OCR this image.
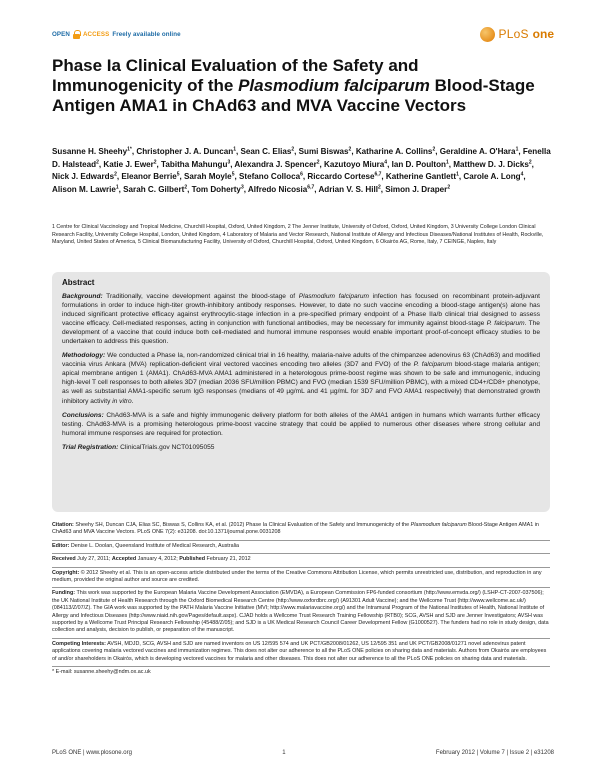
OPEN ACCESS Freely available online	PLoS one
Phase Ia Clinical Evaluation of the Safety and Immunogenicity of the Plasmodium falciparum Blood-Stage Antigen AMA1 in ChAd63 and MVA Vaccine Vectors
Susanne H. Sheehy$^{1*}$, Christopher J. A. Duncan$^1$, Sean C. Elias$^2$, Sumi Biswas$^2$, Katharine A. Collins$^2$, Geraldine A. O'Hara$^1$, Fenella D. Halstead$^2$, Katie J. Ewer$^2$, Tabitha Mahungu$^3$, Alexandra J. Spencer$^2$, Kazutoyo Miura$^4$, Ian D. Poulton$^1$, Matthew D. J. Dicks$^2$, Nick J. Edwards$^2$, Eleanor Berrie$^5$, Sarah Moyle$^5$, Stefano Colloca$^6$, Riccardo Cortese$^{6,7}$, Katherine Gantlett$^1$, Carole A. Long$^4$, Alison M. Lawrie$^1$, Sarah C. Gilbert$^2$, Tom Doherty$^3$, Alfredo Nicosia$^{6,7}$, Adrian V. S. Hill$^2$, Simon J. Draper$^2$
1 Centre for Clinical Vaccinology and Tropical Medicine, Churchill Hospital, Oxford, United Kingdom, 2 The Jenner Institute, University of Oxford, Oxford, United Kingdom, 3 University College London Clinical Research Facility, University College Hospital, London, United Kingdom, 4 Laboratory of Malaria and Vector Research, National Institute of Allergy and Infectious Diseases/National Institutes of Health, Rockville, Maryland, United States of America, 5 Clinical Biomanufacturing Facility, University of Oxford, Churchill Hospital, Oxford, United Kingdom, 6 Okairòs AG, Rome, Italy, 7 CEINGE, Naples, Italy
Abstract

Background: Traditionally, vaccine development against the blood-stage of Plasmodium falciparum infection has focused on recombinant protein-adjuvant formulations in order to induce high-titer growth-inhibitory antibody responses. However, to date no such vaccine encoding a blood-stage antigen(s) alone has induced significant protective efficacy against erythrocytic-stage infection in a pre-specified primary endpoint of a Phase IIa/b clinical trial designed to assess vaccine efficacy. Cell-mediated responses, acting in conjunction with functional antibodies, may be necessary for immunity against blood-stage P. falciparum. The development of a vaccine that could induce both cell-mediated and humoral immune responses would enable important proof-of-concept efficacy studies to be undertaken to address this question.

Methodology: We conducted a Phase Ia, non-randomized clinical trial in 16 healthy, malaria-naive adults of the chimpanzee adenovirus 63 (ChAd63) and modified vaccinia virus Ankara (MVA) replication-deficient viral vectored vaccines encoding two alleles (3D7 and FVO) of the P. falciparum blood-stage malaria antigen; apical membrane antigen 1 (AMA1). ChAd63-MVA AMA1 administered in a heterologous prime-boost regime was shown to be safe and immunogenic, inducing high-level T cell responses to both alleles 3D7 (median 2036 SFU/million PBMC) and FVO (median 1539 SFU/million PBMC), with a mixed CD4+/CD8+ phenotype, as well as substantial AMA1-specific serum IgG responses (medians of 49 µg/mL and 41 µg/mL for 3D7 and FVO AMA1 respectively) that demonstrated growth inhibitory activity in vitro.

Conclusions: ChAd63-MVA is a safe and highly immunogenic delivery platform for both alleles of the AMA1 antigen in humans which warrants further efficacy testing. ChAd63-MVA is a promising heterologous prime-boost vaccine strategy that could be applied to numerous other diseases where strong cellular and humoral immune responses are required for protection.

Trial Registration: ClinicalTrials.gov NCT01095055

Citation: Sheehy SH, Duncan CJA, Elias SC, Biswas S, Collins KA, et al. (2012) Phase Ia Clinical Evaluation of the Safety and Immunogenicity of the Plasmodium falciparum Blood-Stage Antigen AMA1 in ChAd63 and MVA Vaccine Vectors. PLoS ONE 7(2): e31208. doi:10.1371/journal.pone.0031208
Editor: Denise L. Doolan, Queensland Institute of Medical Research, Australia
Received July 27, 2011; Accepted January 4, 2012; Published February 21, 2012
Copyright: © 2012 Sheehy et al. This is an open-access article distributed under the terms of the Creative Commons Attribution License, which permits unrestricted use, distribution, and reproduction in any medium, provided the original author and source are credited.
Funding: This work was supported by the European Malaria Vaccine Development Association (EMVDA), a European Commission FP6-funded consortium (http://www.emvda.org/) (LSHP-CT-2007-037506); the UK National Institute of Health Research through the Oxford Biomedical Research Centre (http://www.oxfordbrc.org/) (A91301 Adult Vaccine); and the Wellcome Trust (http://www.wellcome.ac.uk/) (084113/Z/07/Z). The GIA work was supported by the PATH Malaria Vaccine Initiative (MVI; http://www.malariavaccine.org/) and the Intramural Program of the National Institutes of Health, National Institute of Allergy and Infectious Diseases (http://www.niaid.nih.gov/Pages/default.aspx). CJAD holds a Wellcome Trust Research Training Fellowship (RTB0); SCG, AVSH and SJD are Jenner Investigators; AVSH was supported by a Wellcome Trust Principal Research Fellowship (45488/Z/05); and SJD is a UK Medical Research Council Career Development Fellow (G1000527). The funders had no role in study design, data collection and analysis, decision to publish, or preparation of the manuscript.
Competing Interests: AVSH, MDJD, SCG, AVSH and SJD are named inventors on US 12/595 574 and UK PCT/GB2008/01262, US 12/595 351 and UK PCT/GB2008/01271 novel adenovirus patent applications covering malaria vectored vaccines and immunization regimes. This does not alter our adherence to all the PLoS ONE policies on sharing data and materials. Authors from Okairòs are employees of and/or shareholders in Okairòs, which is developing vectored vaccines for malaria and other diseases. This does not alter our adherence to all the PLoS ONE policies on sharing data and materials.
* E-mail: susanne.sheehy@ndm.ox.ac.uk
PLoS ONE | www.plosone.org	1	February 2012 | Volume 7 | Issue 2 | e31208
